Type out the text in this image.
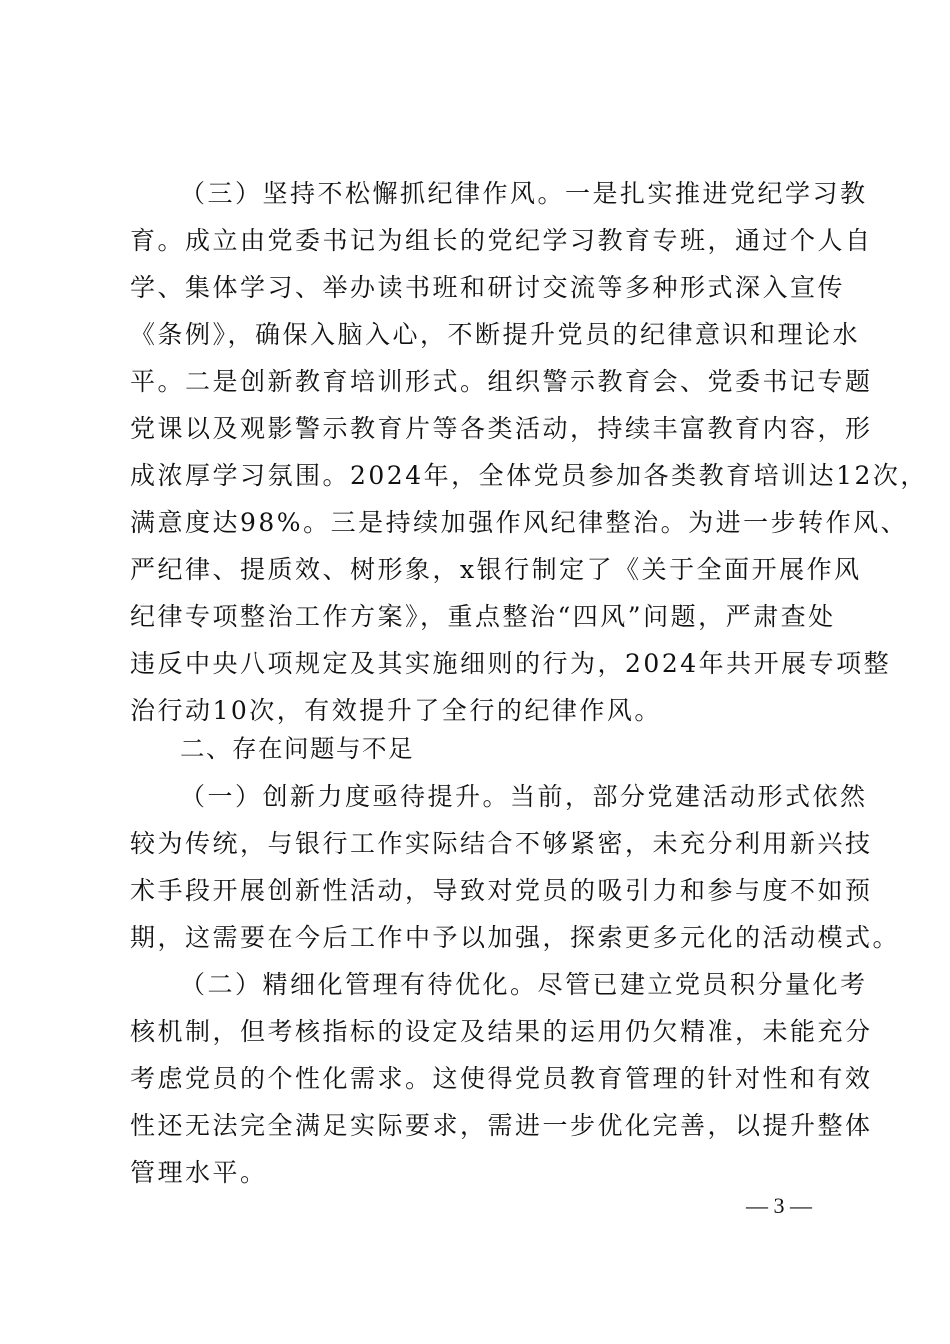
（三）坚持不松懈抓纪律作风。一是扎实推进党纪学习教
育。成立由党委书记为组长的党纪学习教育专班，通过个人自
学、集体学习、举办读书班和研讨交流等多种形式深入宣传
《条例》，确保入脑入心，不断提升党员的纪律意识和理论水
平。二是创新教育培训形式。组织警示教育会、党委书记专题
党课以及观影警示教育片等各类活动，持续丰富教育内容，形
成浓厚学习氛围。2024年，全体党员参加各类教育培训达12次，
满意度达98%。三是持续加强作风纪律整治。为进一步转作风、
严纪律、提质效、树形象，x银行制定了《关于全面开展作风
纪律专项整治工作方案》，重点整治“四风”问题，严肃查处
违反中央八项规定及其实施细则的行为，2024年共开展专项整
治行动10次，有效提升了全行的纪律作风。
二、存在问题与不足
（一）创新力度亟待提升。当前，部分党建活动形式依然
较为传统，与银行工作实际结合不够紧密，未充分利用新兴技
术手段开展创新性活动，导致对党员的吸引力和参与度不如预
期，这需要在今后工作中予以加强，探索更多元化的活动模式。
（二）精细化管理有待优化。尽管已建立党员积分量化考
核机制，但考核指标的设定及结果的运用仍欠精准，未能充分
考虑党员的个性化需求。这使得党员教育管理的针对性和有效
性还无法完全满足实际要求，需进一步优化完善，以提升整体
管理水平。
— 3 —
